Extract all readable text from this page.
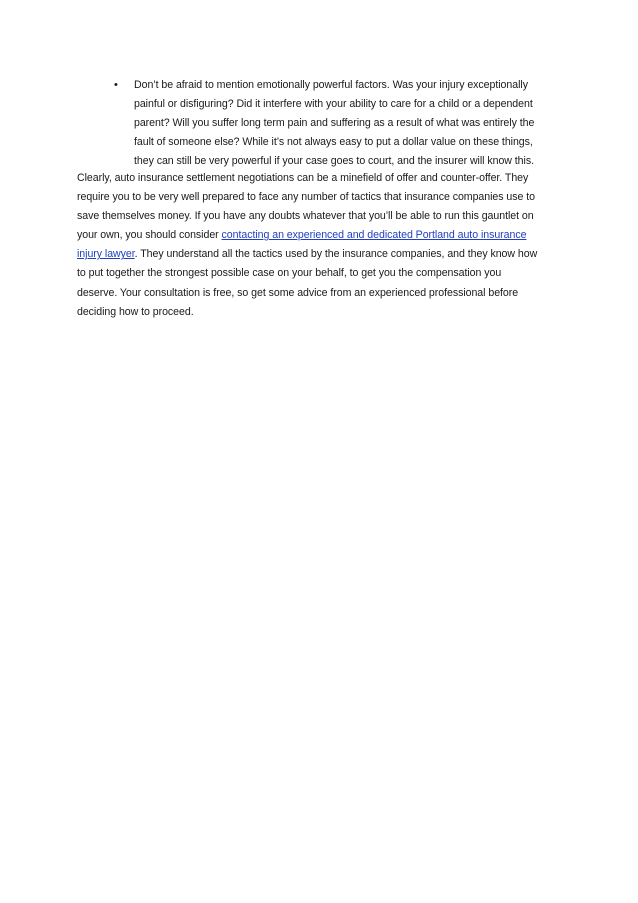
• Don’t be afraid to mention emotionally powerful factors. Was your injury exceptionally
painful or disfiguring? Did it interfere with your ability to care for a child or a dependent
parent? Will you suffer long term pain and suffering as a result of what was entirely the
fault of someone else? While it’s not always easy to put a dollar value on these things,
they can still be very powerful if your case goes to court, and the insurer will know this.
Clearly, auto insurance settlement negotiations can be a minefield of offer and counter-offer. They
require you to be very well prepared to face any number of tactics that insurance companies use to
save themselves money. If you have any doubts whatever that you’ll be able to run this gauntlet on
your own, you should consider contacting an experienced and dedicated Portland auto insurance
injury lawyer. They understand all the tactics used by the insurance companies, and they know how
to put together the strongest possible case on your behalf, to get you the compensation you
deserve. Your consultation is free, so get some advice from an experienced professional before
deciding how to proceed.
